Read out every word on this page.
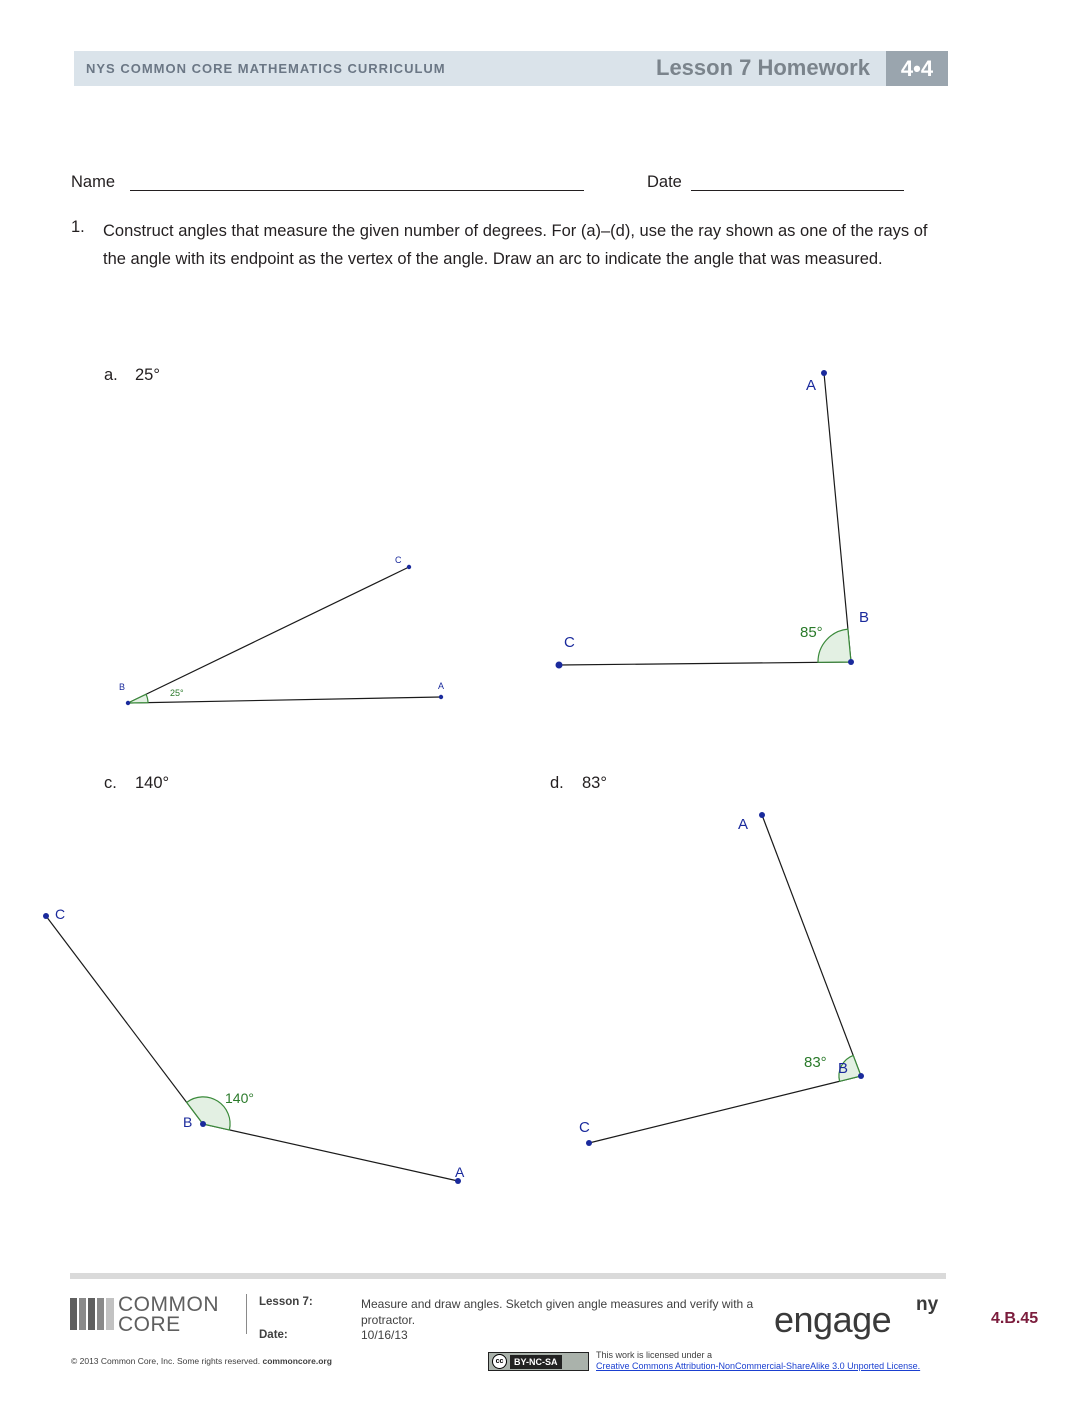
NYS COMMON CORE MATHEMATICS CURRICULUM	Lesson 7 Homework	4•4
Name	Date
1. Construct angles that measure the given number of degrees. For (a)–(d), use the ray shown as one of the rays of the angle with its endpoint as the vertex of the angle. Draw an arc to indicate the angle that was measured.
a. 25°
c. 140°	d. 83°
B
C
A
25°
A
B
C
85°
C
B
A
140°
A
B
C
83°
COMMON
CORE
Lesson 7:
Date:
Measure and draw angles. Sketch given angle measures and verify with a protractor.
10/16/13	engage ny
4.B.45
© 2013 Common Core, Inc. Some rights reserved. commoncore.org	cc	BY-NC-SA
This work is licensed under a
Creative Commons Attribution-NonCommercial-ShareAlike 3.0 Unported License.
